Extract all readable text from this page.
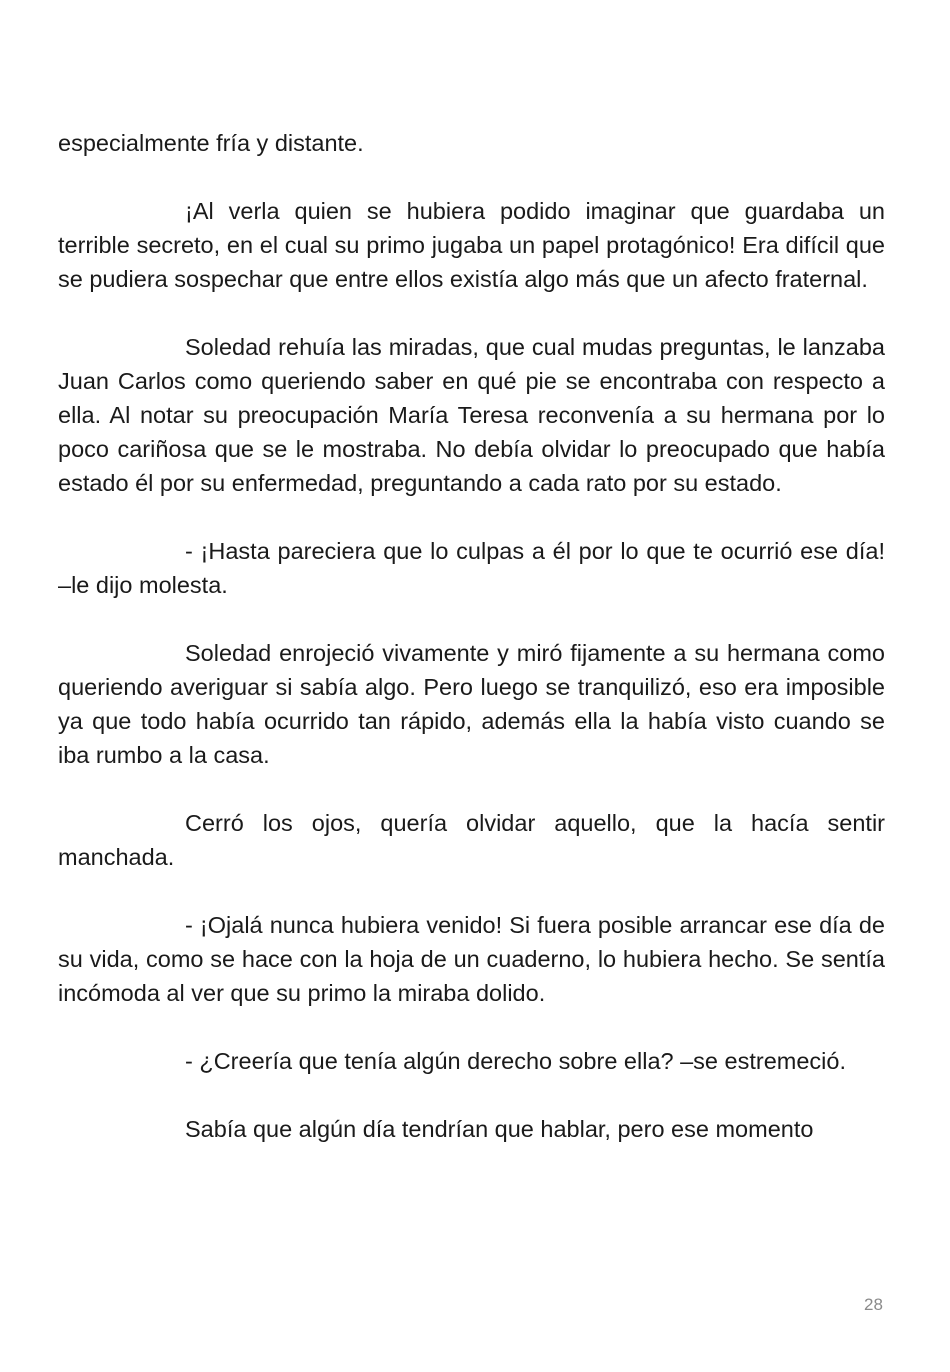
especialmente fría y distante.

¡Al verla quien se hubiera podido imaginar que guardaba un terrible secreto, en el cual su primo jugaba un papel protagónico! Era difícil que se pudiera sospechar que entre ellos existía algo más que un afecto fraternal.

Soledad rehuía las miradas, que cual mudas preguntas, le lanzaba Juan Carlos como queriendo saber en qué pie se encontraba con respecto a ella. Al notar su preocupación María Teresa reconvenía a su hermana por lo poco cariñosa que se le mostraba. No debía olvidar lo preocupado que había estado él por su enfermedad, preguntando a cada rato por su estado.

- ¡Hasta pareciera que lo culpas a él por lo que te ocurrió ese día! –le dijo molesta.

Soledad enrojeció vivamente y miró fijamente a su hermana como queriendo averiguar si sabía algo. Pero luego se tranquilizó, eso era imposible ya que todo había ocurrido tan rápido, además ella la había visto cuando se iba rumbo a la casa.

Cerró los ojos, quería olvidar aquello, que la hacía sentir manchada.

- ¡Ojalá nunca hubiera venido! Si fuera posible arrancar ese día de su vida, como se hace con la hoja de un cuaderno, lo hubiera hecho. Se sentía incómoda al ver que su primo la miraba dolido.

- ¿Creería que tenía algún derecho sobre ella? –se estremeció.

Sabía que algún día tendrían que hablar, pero ese momento

28
